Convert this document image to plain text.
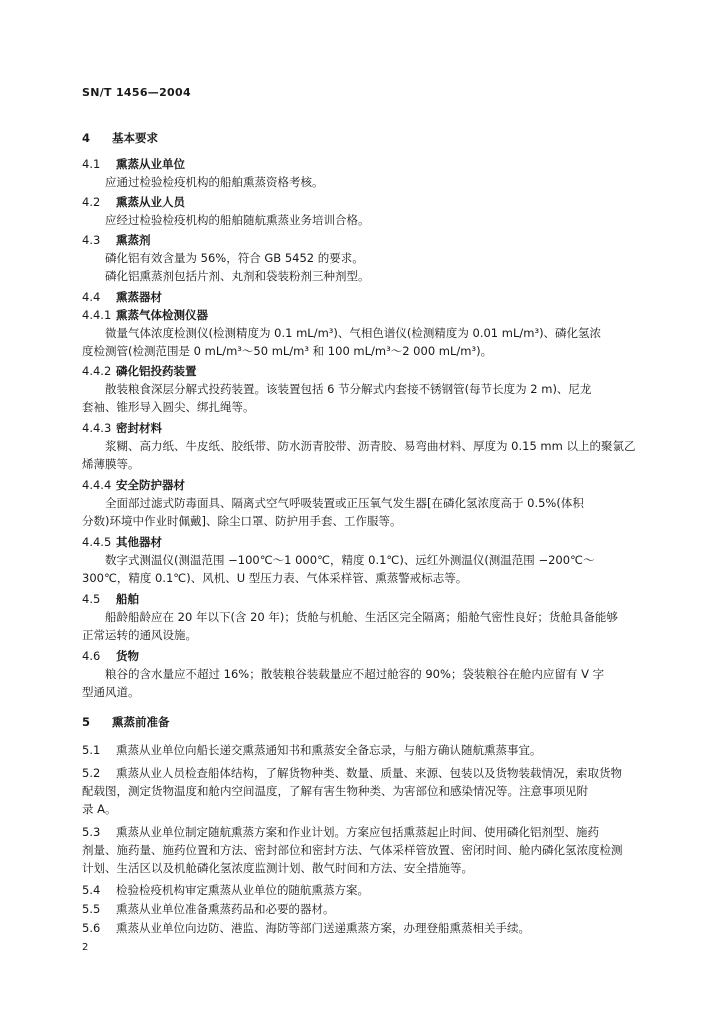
SN/T 1456—2004
4 基本要求
4.1 熏蒸从业单位
应通过检验检疫机构的船舶熏蒸资格考核。
4.2 熏蒸从业人员
应经过检验检疫机构的船舶随航熏蒸业务培训合格。
4.3 熏蒸剂
磷化铝有效含量为 56%，符合 GB 5452 的要求。
磷化铝熏蒸剂包括片剂、丸剂和袋装粉剂三种剂型。
4.4 熏蒸器材
4.4.1 熏蒸气体检测仪器
微量气体浓度检测仪(检测精度为 0.1 mL/m³)、气相色谱仪(检测精度为 0.01 mL/m³)、磷化氢浓
度检测管(检测范围是 0 mL/m³～50 mL/m³ 和 100 mL/m³～2 000 mL/m³)。
4.4.2 磷化铝投药装置
散装粮食深层分解式投药装置。该装置包括 6 节分解式内套接不锈钢管(每节长度为 2 m)、尼龙
套袖、锥形导入圆尖、绑扎绳等。
4.4.3 密封材料
浆糊、高力纸、牛皮纸、胶纸带、防水沥青胶带、沥青胶、易弯曲材料、厚度为 0.15 mm 以上的聚氯乙
烯薄膜等。
4.4.4 安全防护器材
全面部过滤式防毒面具、隔离式空气呼吸装置或正压氧气发生器[在磷化氢浓度高于 0.5%(体积
分数)环境中作业时佩戴]、除尘口罩、防护用手套、工作服等。
4.4.5 其他器材
数字式测温仪(测温范围 −100℃～1 000℃，精度 0.1℃)、远红外测温仪(测温范围 −200℃～
300℃，精度 0.1℃)、风机、U 型压力表、气体采样管、熏蒸警戒标志等。
4.5 船舶
船龄船龄应在 20 年以下(含 20 年)；货舱与机舱、生活区完全隔离；船舱气密性良好；货舱具备能够
正常运转的通风设施。
4.6 货物
粮谷的含水量应不超过 16%；散装粮谷装载量应不超过舱容的 90%；袋装粮谷在舱内应留有 V 字
型通风道。
5 熏蒸前准备
5.1 熏蒸从业单位向船长递交熏蒸通知书和熏蒸安全备忘录，与船方确认随航熏蒸事宜。
5.2 熏蒸从业人员检查船体结构，了解货物种类、数量、质量、来源、包装以及货物装载情况，索取货物
配载图，测定货物温度和舱内空间温度，了解有害生物种类、为害部位和感染情况等。注意事项见附
录 A。
5.3 熏蒸从业单位制定随航熏蒸方案和作业计划。方案应包括熏蒸起止时间、使用磷化铝剂型、施药
剂量、施药量、施药位置和方法、密封部位和密封方法、气体采样管放置、密闭时间、舱内磷化氢浓度检测
计划、生活区以及机舱磷化氢浓度监测计划、散气时间和方法、安全措施等。
5.4 检验检疫机构审定熏蒸从业单位的随航熏蒸方案。
5.5 熏蒸从业单位准备熏蒸药品和必要的器材。
5.6 熏蒸从业单位向边防、港监、海防等部门送递熏蒸方案，办理登船熏蒸相关手续。
2
